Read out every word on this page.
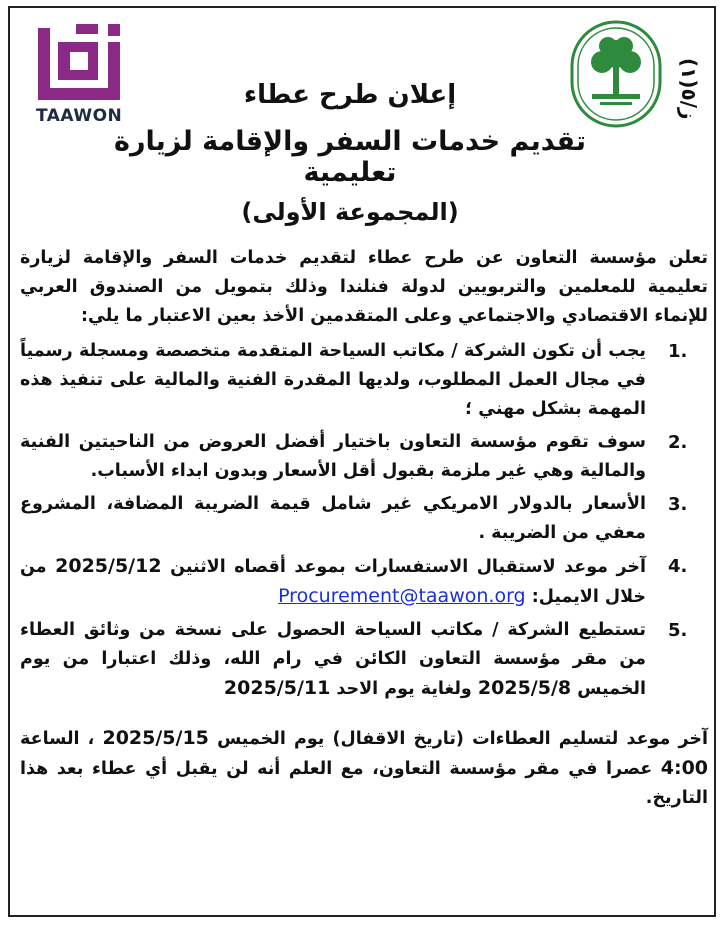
TAAWON
ز/٥(١)
إعلان طرح عطاء
تقديم خدمات السفر والإقامة لزيارة تعليمية
(المجموعة الأولى)

تعلن مؤسسة التعاون عن طرح عطاء لتقديم خدمات السفر والإقامة لزيارة تعليمية للمعلمين والتربويين لدولة فنلندا وذلك بتمويل من الصندوق العربي للإنماء الاقتصادي والاجتماعي وعلى المتقدمين الأخذ بعين الاعتبار ما يلي:

1.
يجب أن تكون الشركة / مكاتب السياحة المتقدمة متخصصة ومسجلة رسمياً في مجال العمل المطلوب، ولديها المقدرة الفنية والمالية على تنفيذ هذه المهمة بشكل مهني ؛
2.
سوف تقوم مؤسسة التعاون باختيار أفضل العروض من الناحيتين الفنية والمالية وهي غير ملزمة بقبول أقل الأسعار وبدون ابداء الأسباب.
3.
الأسعار بالدولار الامريكي غير شامل قيمة الضريبة المضافة، المشروع معفي من الضريبة .
4.
آخر موعد لاستقبال الاستفسارات بموعد أقصاه الاثنين 2025/5/12 من خلال الايميل: Procurement@taawon.org
5.
تستطيع الشركة / مكاتب السياحة الحصول على نسخة من وثائق العطاء من مقر مؤسسة التعاون الكائن في رام الله، وذلك اعتبارا من يوم الخميس 2025/5/8 ولغاية يوم الاحد 2025/5/11

آخر موعد لتسليم العطاءات (تاريخ الاقفال) يوم الخميس 2025/5/15 ، الساعة 4:00 عصرا في مقر مؤسسة التعاون، مع العلم أنه لن يقبل أي عطاء بعد هذا التاريخ.
